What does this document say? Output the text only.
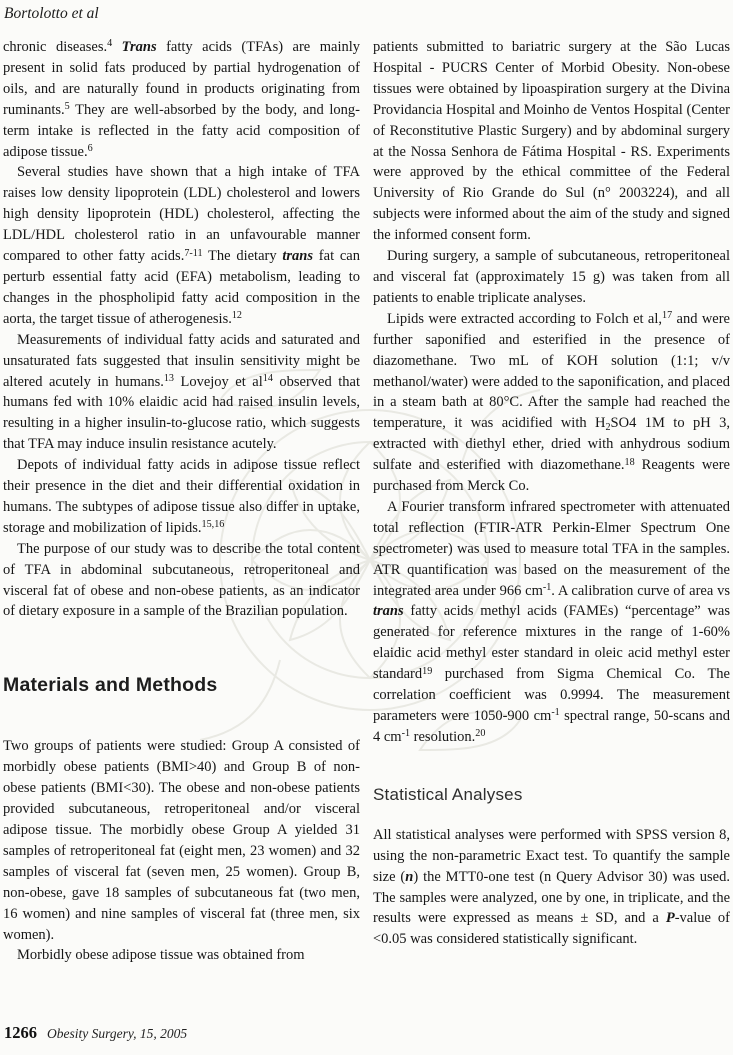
Bortolotto et al

chronic diseases.$^4$ Trans fatty acids (TFAs) are mainly present in solid fats produced by partial hydrogenation of oils, and are naturally found in products originating from ruminants.$^5$ They are well-absorbed by the body, and long-term intake is reflected in the fatty acid composition of adipose tissue.$^6$

Several studies have shown that a high intake of TFA raises low density lipoprotein (LDL) cholesterol and lowers high density lipoprotein (HDL) cholesterol, affecting the LDL/HDL cholesterol ratio in an unfavourable manner compared to other fatty acids.$^{7-11}$ The dietary trans fat can perturb essential fatty acid (EFA) metabolism, leading to changes in the phospholipid fatty acid composition in the aorta, the target tissue of atherogenesis.$^{12}$

Measurements of individual fatty acids and saturated and unsaturated fats suggested that insulin sensitivity might be altered acutely in humans.$^{13}$ Lovejoy et $al^{14}$ observed that humans fed with 10% elaidic acid had raised insulin levels, resulting in a higher insulin-to-glucose ratio, which suggests that TFA may induce insulin resistance acutely.

Depots of individual fatty acids in adipose tissue reflect their presence in the diet and their differential oxidation in humans. The subtypes of adipose tissue also differ in uptake, storage and mobilization of lipids.$^{15,16}$

The purpose of our study was to describe the total content of TFA in abdominal subcutaneous, retroperitoneal and visceral fat of obese and non-obese patients, as an indicator of dietary exposure in a sample of the Brazilian population.

Materials and Methods

Two groups of patients were studied: Group A consisted of morbidly obese patients (BMI>40) and Group B of non-obese patients (BMI<30). The obese and non-obese patients provided subcutaneous, retroperitoneal and/or visceral adipose tissue. The morbidly obese Group A yielded 31 samples of retroperitoneal fat (eight men, 23 women) and 32 samples of visceral fat (seven men, 25 women). Group B, non-obese, gave 18 samples of subcutaneous fat (two men, 16 women) and nine samples of visceral fat (three men, six women).

Morbidly obese adipose tissue was obtained from

patients submitted to bariatric surgery at the São Lucas Hospital - PUCRS Center of Morbid Obesity. Non-obese tissues were obtained by lipoaspiration surgery at the Divina Providancia Hospital and Moinho de Ventos Hospital (Center of Reconstitutive Plastic Surgery) and by abdominal surgery at the Nossa Senhora de Fátima Hospital - RS. Experiments were approved by the ethical committee of the Federal University of Rio Grande do Sul (n° 2003224), and all subjects were informed about the aim of the study and signed the informed consent form.

During surgery, a sample of subcutaneous, retroperitoneal and visceral fat (approximately 15 g) was taken from all patients to enable triplicate analyses.

Lipids were extracted according to Folch et al,$^{17}$ and were further saponified and esterified in the presence of diazomethane. Two mL of KOH solution (1:1; v/v methanol/water) were added to the saponification, and placed in a steam bath at 80°C. After the sample had reached the temperature, it was acidified with $H_2SO4$ 1M to pH 3, extracted with diethyl ether, dried with anhydrous sodium sulfate and esterified with diazomethane.$^{18}$ Reagents were purchased from Merck Co.

A Fourier transform infrared spectrometer with attenuated total reflection (FTIR-ATR Perkin-Elmer Spectrum One spectrometer) was used to measure total TFA in the samples. ATR quantification was based on the measurement of the integrated area under 966 $cm^{-1}$. A calibration curve of area vs trans fatty acids methyl acids (FAMEs) “percentage” was generated for reference mixtures in the range of 1-60% elaidic acid methyl ester standard in oleic acid methyl ester standard$^{19}$ purchased from Sigma Chemical Co. The correlation coefficient was 0.9994. The measurement parameters were 1050-900 $cm^{-1}$ spectral range, 50-scans and 4 $cm^{-1}$ resolution.$^{20}$

Statistical Analyses

All statistical analyses were performed with SPSS version 8, using the non-parametric Exact test. To quantify the sample size (n) the MTT0-one test (n Query Advisor 30) was used. The samples were analyzed, one by one, in triplicate, and the results were expressed as means ± SD, and a P-value of <0.05 was considered statistically significant.

1266 Obesity Surgery, 15, 2005
